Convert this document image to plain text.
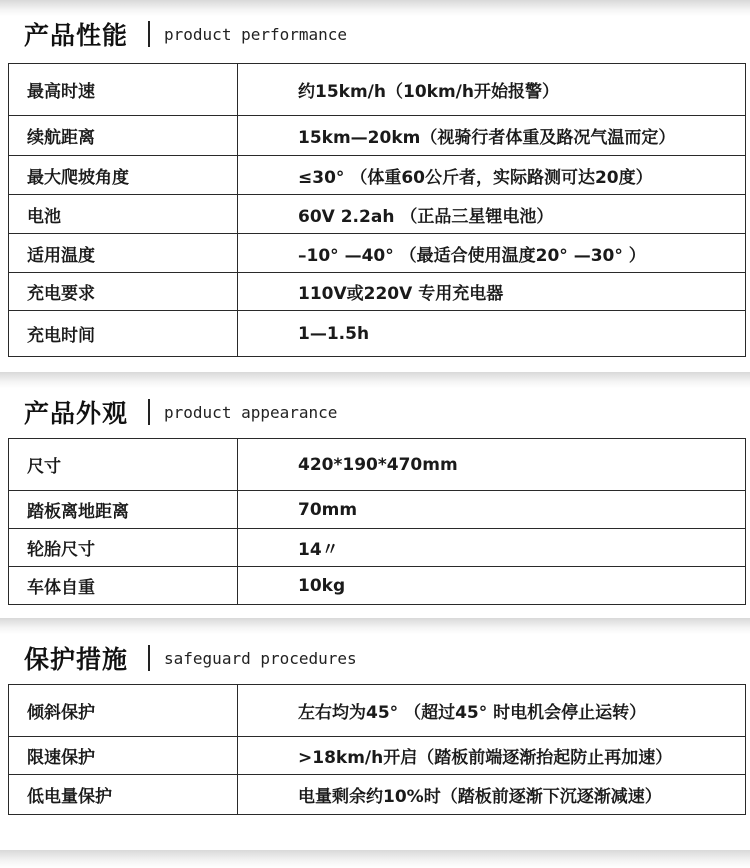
产品性能 product performance
最高时速	约15km/h（10km/h开始报警）
续航距离	15km—20km（视骑行者体重及路况气温而定）
最大爬坡角度	≤30° （体重60公斤者，实际路测可达20度）
电池	60V 2.2ah （正品三星锂电池）
适用温度	–10° —40° （最适合使用温度20° —30° ）
充电要求	110V或220V 专用充电器
充电时间	1—1.5h
产品外观 product appearance
尺寸	420*190*470mm
踏板离地距离	70mm
轮胎尺寸	14〃
车体自重	10kg
保护措施 safeguard procedures
倾斜保护	左右均为45° （超过45° 时电机会停止运转）
限速保护	>18km/h开启（踏板前端逐渐抬起防止再加速）
低电量保护	电量剩余约10%时（踏板前逐渐下沉逐渐减速）
